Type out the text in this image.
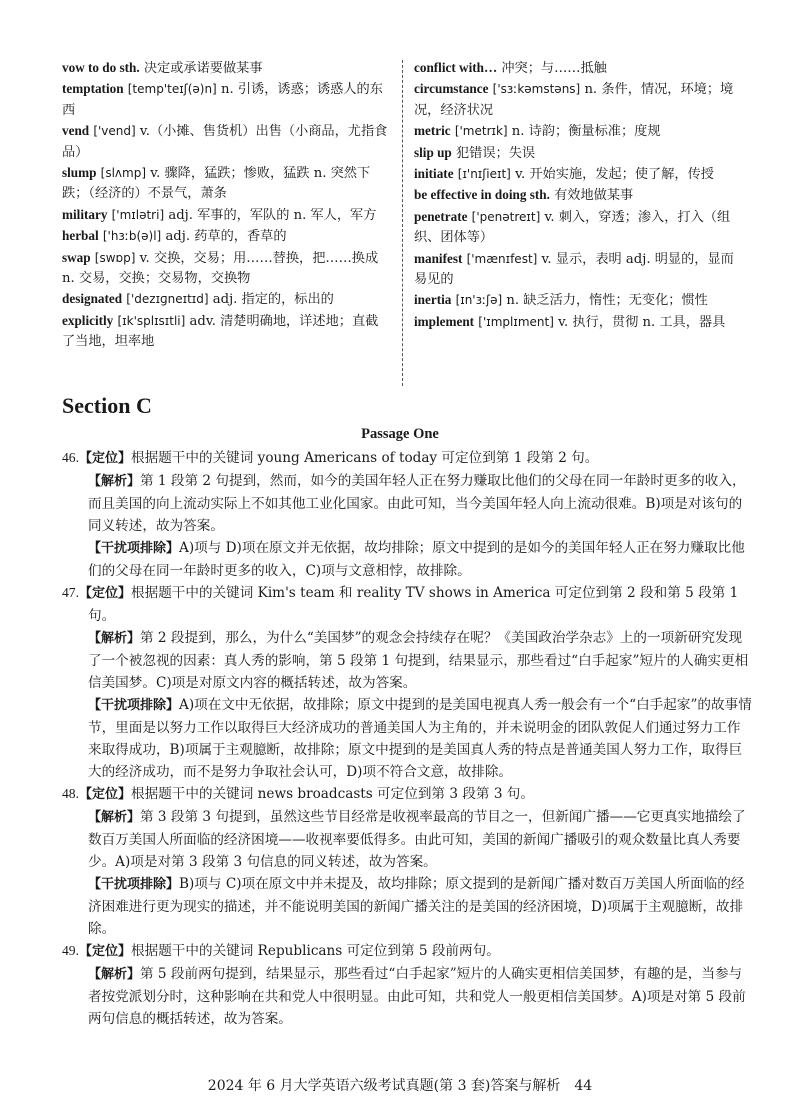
vow to do sth. 决定或承诺要做某事

temptation [temp'teɪʃ(ə)n] n. 引诱，诱惑；诱惑人的东西

vend ['vend] v.（小摊、售货机）出售（小商品，尤指食品）

slump [slʌmp] v. 骤降，猛跌；惨败，猛跌 n. 突然下跌；（经济的）不景气，萧条

military ['mɪlətri] adj. 军事的，军队的 n. 军人，军方

herbal ['hɜːb(ə)l] adj. 药草的，香草的

swap [swɒp] v. 交换，交易；用……替换，把……换成 n. 交易，交换；交易物，交换物

designated ['dezɪɡneɪtɪd] adj. 指定的，标出的

explicitly [ɪk'splɪsɪtli] adv. 清楚明确地，详述地；直截了当地，坦率地

conflict with… 冲突；与……抵触

circumstance ['sɜːkəmstəns] n. 条件，情况，环境；境况，经济状况

metric ['metrɪk] n. 诗韵；衡量标准；度规

slip up 犯错误；失误

initiate [ɪ'nɪʃieɪt] v. 开始实施，发起；使了解，传授

be effective in doing sth. 有效地做某事

penetrate ['penətreɪt] v. 刺入，穿透；渗入，打入（组织、团体等）

manifest ['mænɪfest] v. 显示，表明 adj. 明显的，显而易见的

inertia [ɪn'ɜːʃə] n. 缺乏活力，惰性；无变化；惯性

implement ['ɪmplɪment] v. 执行，贯彻 n. 工具，器具

Section C
Passage One

46.【定位】根据题干中的关键词 young Americans of today 可定位到第 1 段第 2 句。

【解析】第 1 段第 2 句提到，然而，如今的美国年轻人正在努力赚取比他们的父母在同一年龄时更多的收入，而且美国的向上流动实际上不如其他工业化国家。由此可知，当今美国年轻人向上流动很难。B)项是对该句的同义转述，故为答案。

【干扰项排除】A)项与 D)项在原文并无依据，故均排除；原文中提到的是如今的美国年轻人正在努力赚取比他们的父母在同一年龄时更多的收入，C)项与文意相悖，故排除。

47.【定位】根据题干中的关键词 Kim's team 和 reality TV shows in America 可定位到第 2 段和第 5 段第 1 句。

【解析】第 2 段提到，那么，为什么“美国梦”的观念会持续存在呢？《美国政治学杂志》上的一项新研究发现了一个被忽视的因素：真人秀的影响，第 5 段第 1 句提到，结果显示，那些看过“白手起家”短片的人确实更相信美国梦。C)项是对原文内容的概括转述，故为答案。

【干扰项排除】A)项在文中无依据，故排除；原文中提到的是美国电视真人秀一般会有一个“白手起家”的故事情节，里面是以努力工作以取得巨大经济成功的普通美国人为主角的，并未说明金的团队敦促人们通过努力工作来取得成功，B)项属于主观臆断，故排除；原文中提到的是美国真人秀的特点是普通美国人努力工作，取得巨大的经济成功，而不是努力争取社会认可，D)项不符合文意，故排除。

48.【定位】根据题干中的关键词 news broadcasts 可定位到第 3 段第 3 句。

【解析】第 3 段第 3 句提到，虽然这些节目经常是收视率最高的节目之一，但新闻广播——它更真实地描绘了数百万美国人所面临的经济困境——收视率要低得多。由此可知，美国的新闻广播吸引的观众数量比真人秀要少。A)项是对第 3 段第 3 句信息的同义转述，故为答案。

【干扰项排除】B)项与 C)项在原文中并未提及，故均排除；原文提到的是新闻广播对数百万美国人所面临的经济困难进行更为现实的描述，并不能说明美国的新闻广播关注的是美国的经济困境，D)项属于主观臆断，故排除。

49.【定位】根据题干中的关键词 Republicans 可定位到第 5 段前两句。

【解析】第 5 段前两句提到，结果显示，那些看过“白手起家”短片的人确实更相信美国梦，有趣的是，当参与者按党派划分时，这种影响在共和党人中很明显。由此可知，共和党人一般更相信美国梦。A)项是对第 5 段前两句信息的概括转述，故为答案。

2024 年 6 月大学英语六级考试真题(第 3 套)答案与解析　44
